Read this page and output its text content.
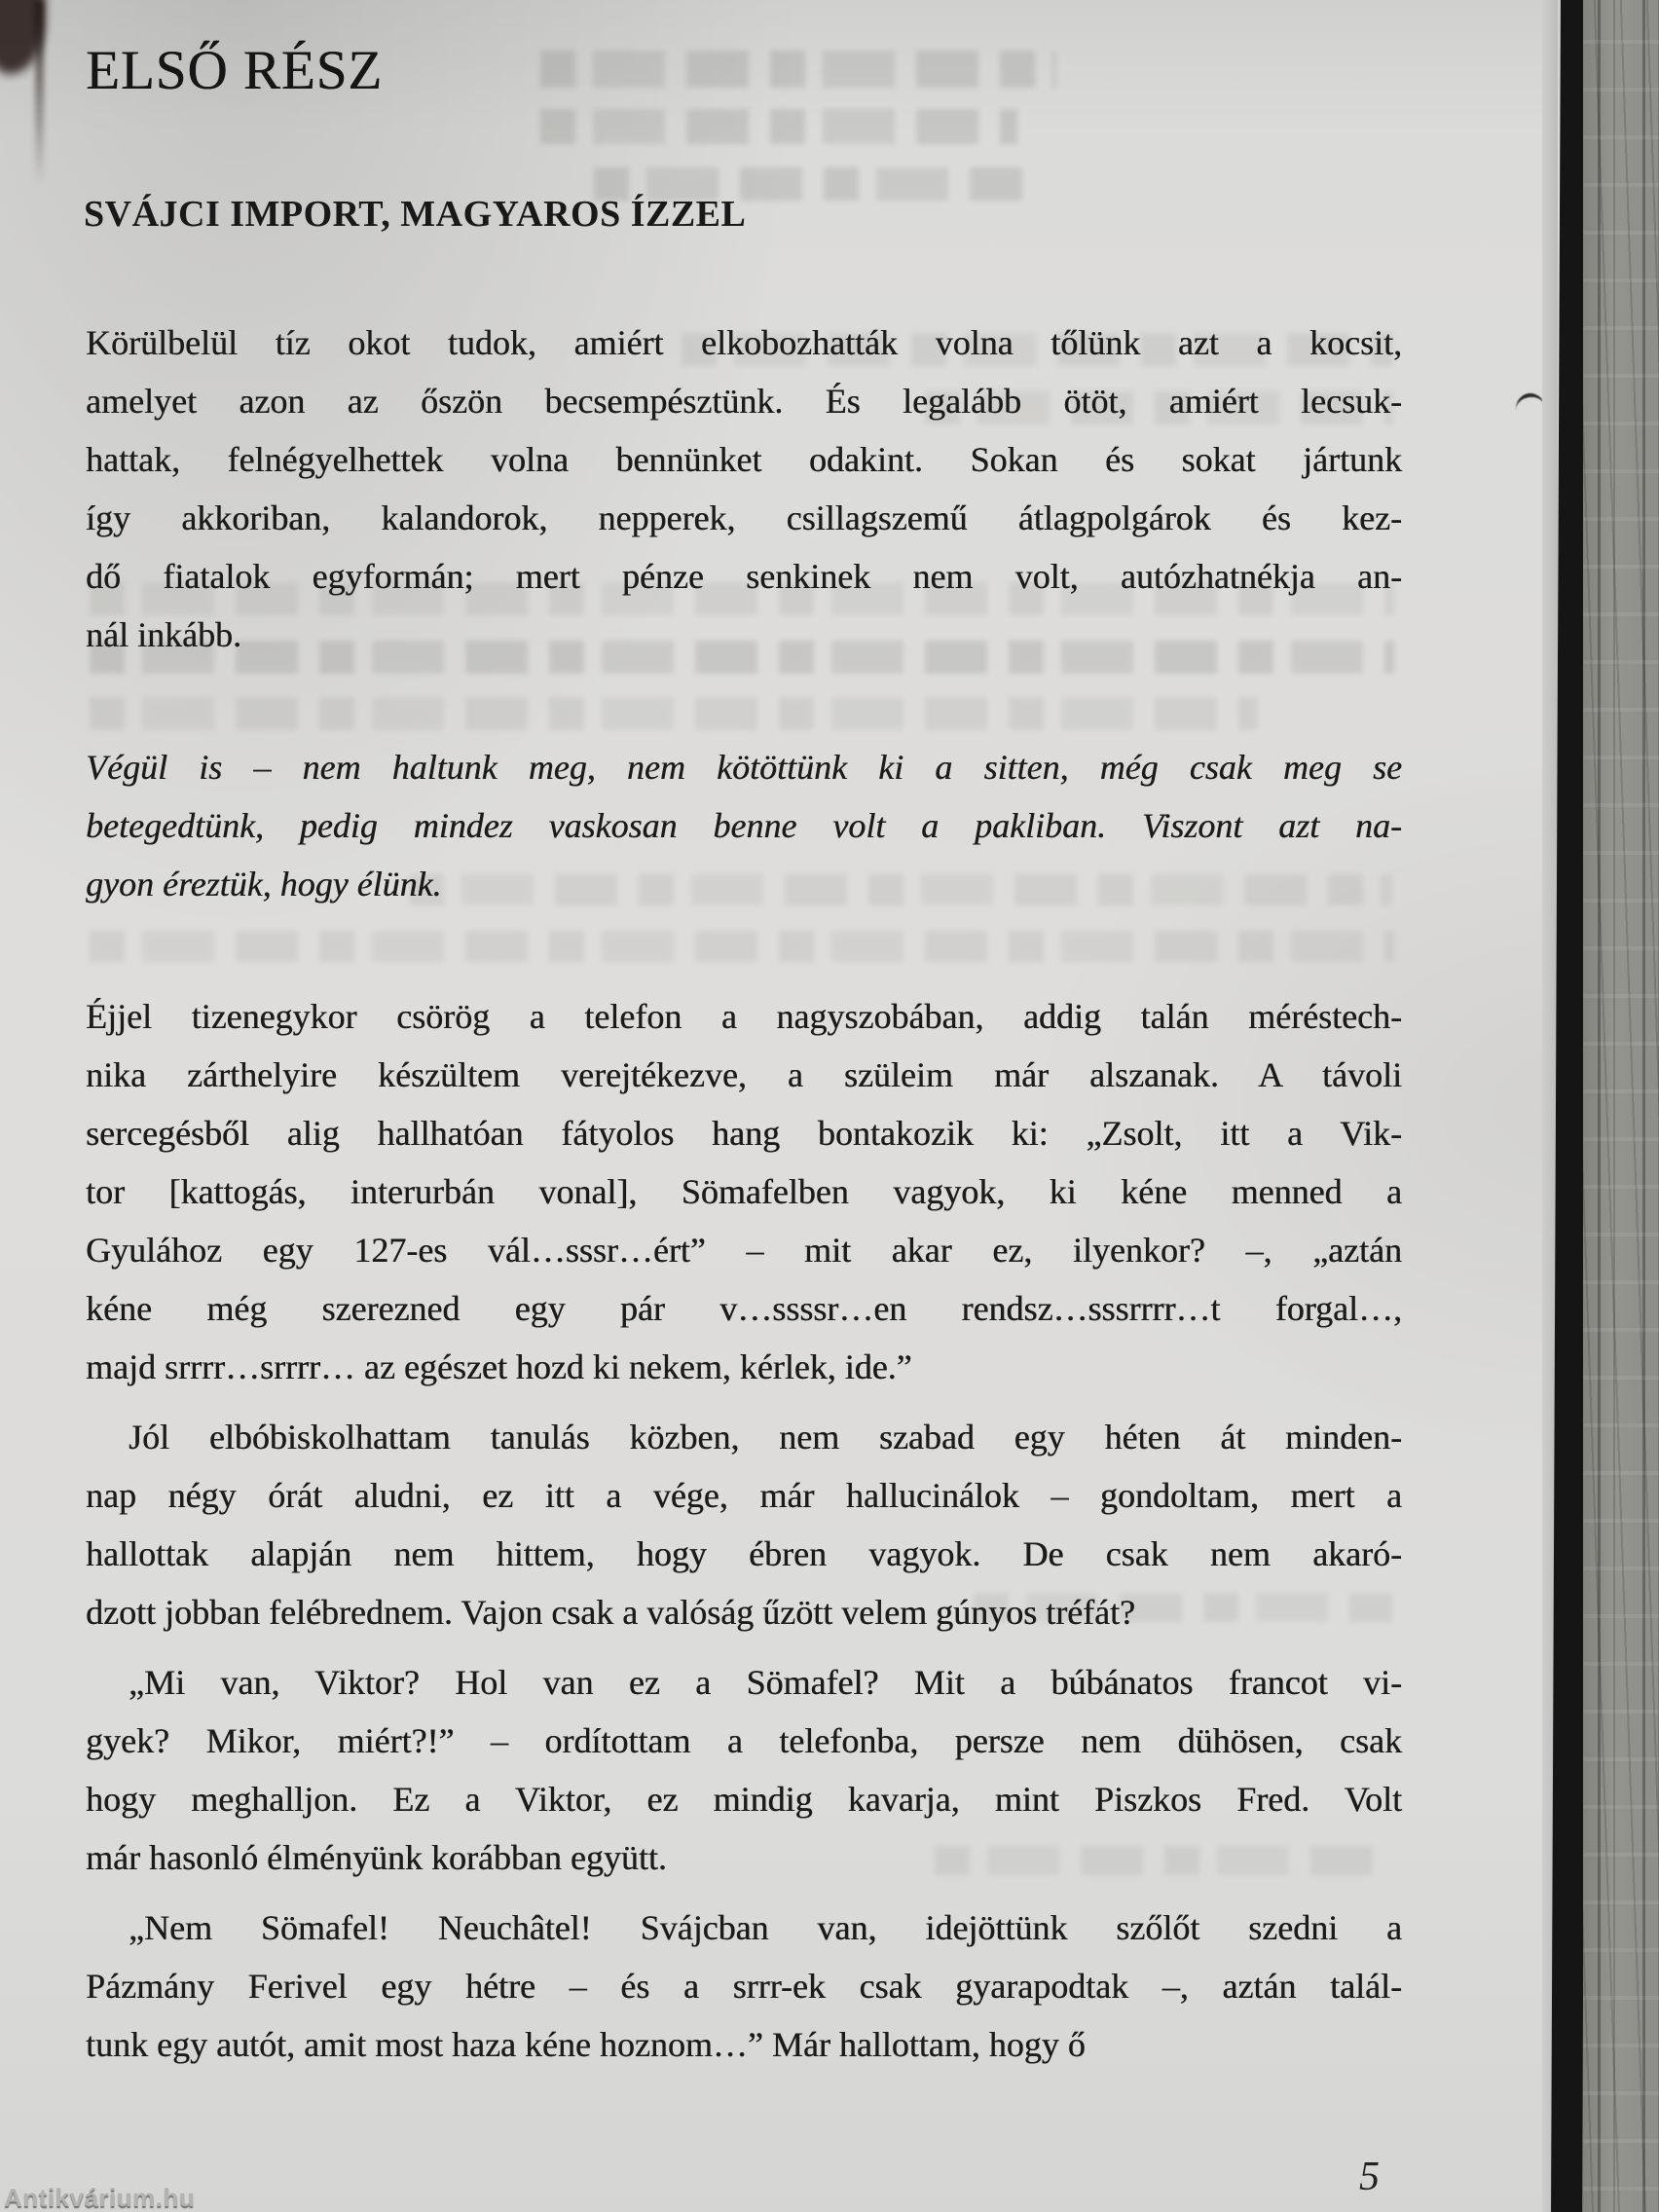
ELSŐ RÉSZ
SVÁJCI IMPORT, MAGYAROS ÍZZEL
Körülbelül tíz okot tudok, amiért elkobozhatták volna tőlünk azt a kocsit,
amelyet azon az őszön becsempésztünk. És legalább ötöt, amiért lecsuk-
hattak, felnégyelhettek volna bennünket odakint. Sokan és sokat jártunk
így akkoriban, kalandorok, nepperek, csillagszemű átlagpolgárok és kez-
dő fiatalok egyformán; mert pénze senkinek nem volt, autózhatnékja an-
nál inkább.
Végül is – nem haltunk meg, nem kötöttünk ki a sitten, még csak meg se
betegedtünk, pedig mindez vaskosan benne volt a pakliban. Viszont azt na-
gyon éreztük, hogy élünk.
Éjjel tizenegykor csörög a telefon a nagyszobában, addig talán méréstech-
nika zárthelyire készültem verejtékezve, a szüleim már alszanak. A távoli
sercegésből alig hallhatóan fátyolos hang bontakozik ki: „Zsolt, itt a Vik-
tor [kattogás, interurbán vonal], Sömafelben vagyok, ki kéne menned a
Gyulához egy 127-es vál…sssr…ért” – mit akar ez, ilyenkor? –, „aztán
kéne még szerezned egy pár v…ssssr…en rendsz…sssrrrr…t forgal…,
majd srrrr…srrrr… az egészet hozd ki nekem, kérlek, ide.”
Jól elbóbiskolhattam tanulás közben, nem szabad egy héten át minden-
nap négy órát aludni, ez itt a vége, már hallucinálok – gondoltam, mert a
hallottak alapján nem hittem, hogy ébren vagyok. De csak nem akaró-
dzott jobban felébrednem. Vajon csak a valóság űzött velem gúnyos tréfát?
„Mi van, Viktor? Hol van ez a Sömafel? Mit a búbánatos francot vi-
gyek? Mikor, miért?!” – ordítottam a telefonba, persze nem dühösen, csak
hogy meghalljon. Ez a Viktor, ez mindig kavarja, mint Piszkos Fred. Volt
már hasonló élményünk korábban együtt.
„Nem Sömafel! Neuchâtel! Svájcban van, idejöttünk szőlőt szedni a
Pázmány Ferivel egy hétre – és a srrr-ek csak gyarapodtak –, aztán talál-
tunk egy autót, amit most haza kéne hoznom…” Már hallottam, hogy ő
5
Antikvárium.hu
